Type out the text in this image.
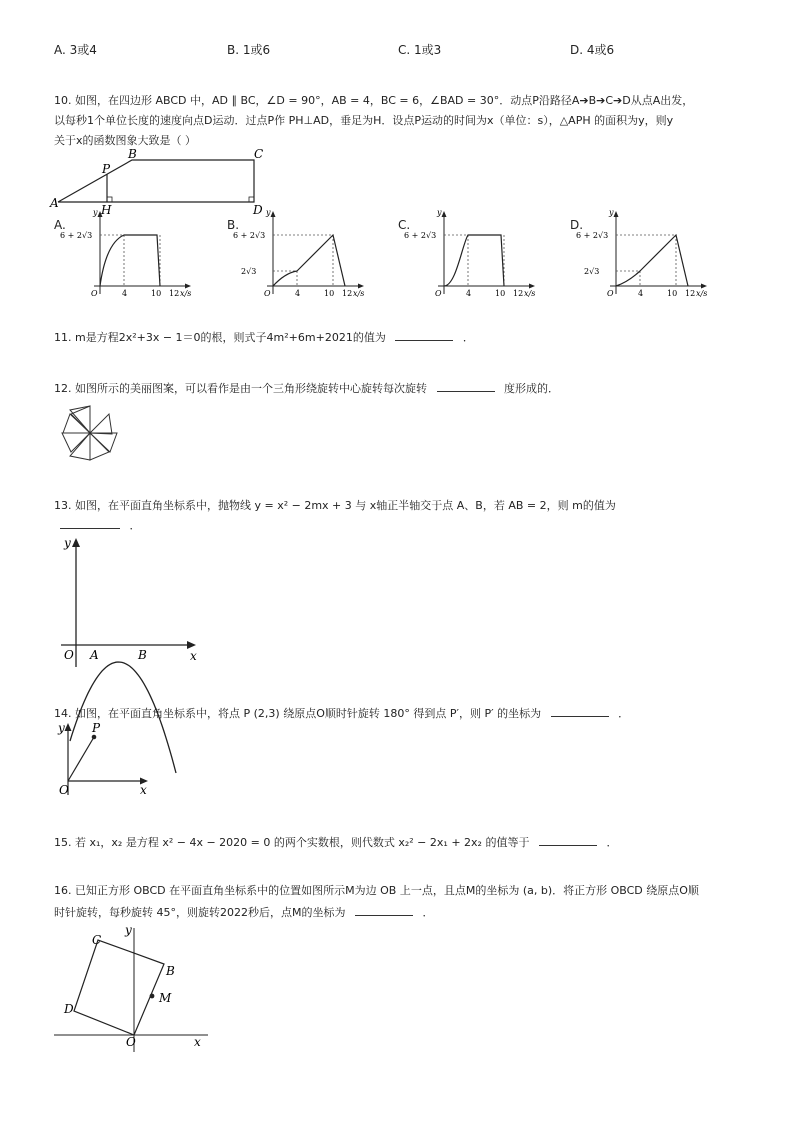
A. 3或4	B. 1或6	C. 1或3	D. 4或6
10. 如图，在四边形 ABCD 中，AD ∥ BC，∠D = 90°，AB = 4，BC = 6，∠BAD = 30°．动点P沿路径A➔B➔C➔D从点A出发，
以每秒1个单位长度的速度向点D运动．过点P作 PH⊥AD，垂足为H．设点P运动的时间为x（单位：s），△APH 的面积为y，则y
关于x的函数图象大致是（ ）
A
B	C
D
P
H
A.	B.	C.	D.
6 + 2√3
y
O	4	10 12 x/s
2√3
6 + 2√3
y
O	4	10 12 x/s
6 + 2√3
y
O	4	10 12 x/s
2√3
6 + 2√3
y
O	4	10 12 x/s
11. m是方程2x²+3x − 1＝0的根，则式子4m²+6m+2021的值为	．
12. 如图所示的美丽图案，可以看作是由一个三角形绕旋转中心旋转每次旋转	度形成的．
13. 如图，在平面直角坐标系中，抛物线 y = x² − 2mx + 3 与 x轴正半轴交于点 A、B，若 AB = 2，则 m的值为
．
y
x
O A	B
14. 如图，在平面直角坐标系中，将点 P (2,3) 绕原点O顺时针旋转 180° 得到点 P′，则 P′ 的坐标为	．
y P
O	x
15. 若 x₁，x₂ 是方程 x² − 4x − 2020 = 0 的两个实数根，则代数式 x₂² − 2x₁ + 2x₂ 的值等于	．
16. 已知正方形 OBCD 在平面直角坐标系中的位置如图所示M为边 OB 上一点，且点M的坐标为 (a, b)．将正方形 OBCD 绕原点O顺
时针旋转，每秒旋转 45°，则旋转2022秒后，点M的坐标为	．
C
B
M
D
O
y
x
